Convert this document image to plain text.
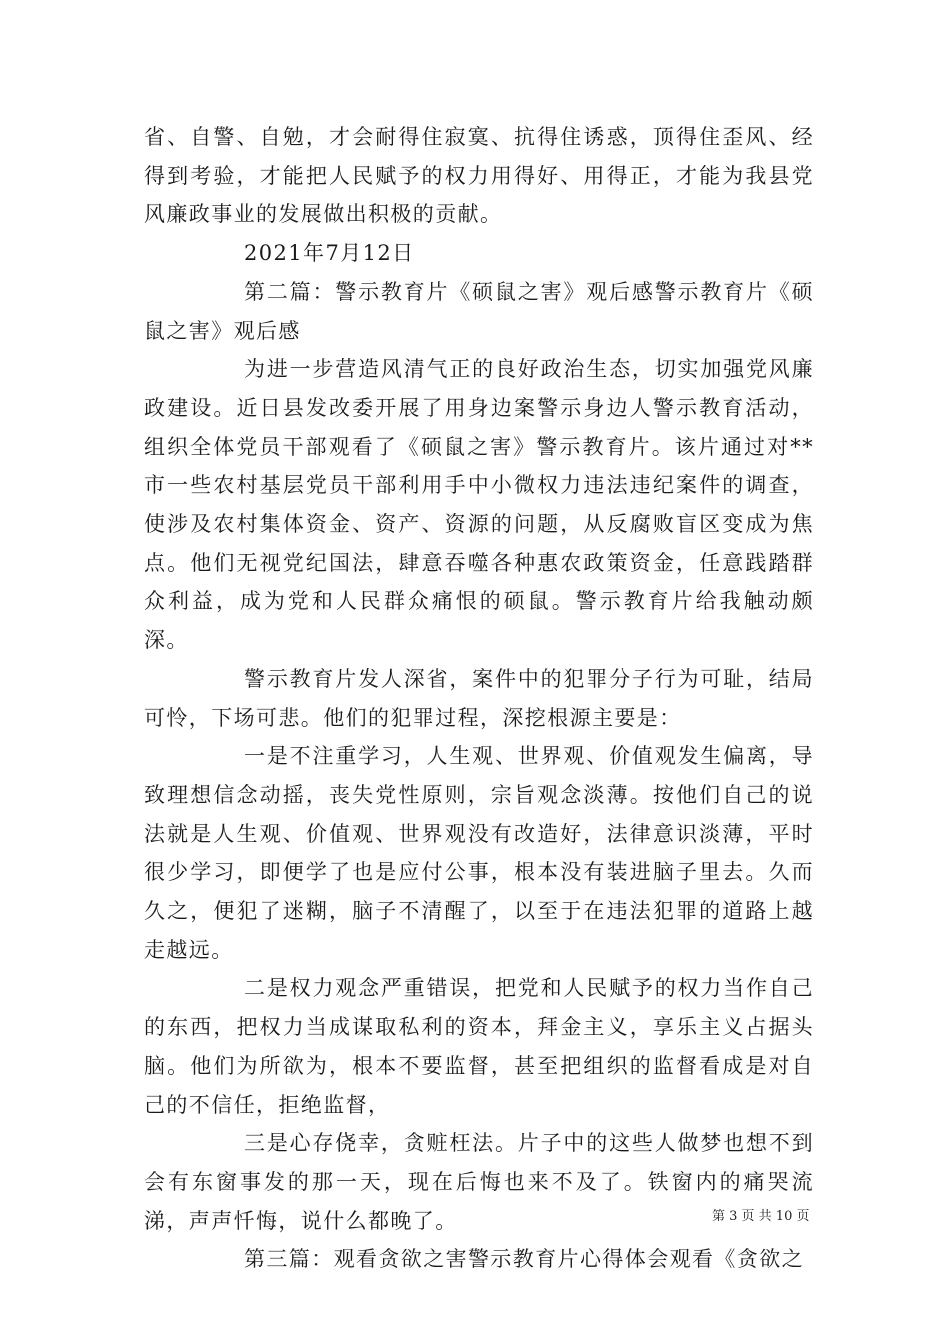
省、自警、自勉，才会耐得住寂寞、抗得住诱惑，顶得住歪风、经得到考验，才能把人民赋予的权力用得好、用得正，才能为我县党风廉政事业的发展做出积极的贡献。

2021年7月12日

第二篇：警示教育片《硕鼠之害》观后感警示教育片《硕鼠之害》观后感

为进一步营造风清气正的良好政治生态，切实加强党风廉政建设。近日县发改委开展了用身边案警示身边人警示教育活动，组织全体党员干部观看了《硕鼠之害》警示教育片。该片通过对**市一些农村基层党员干部利用手中小微权力违法违纪案件的调查，使涉及农村集体资金、资产、资源的问题，从反腐败盲区变成为焦点。他们无视党纪国法，肆意吞噬各种惠农政策资金，任意践踏群众利益，成为党和人民群众痛恨的硕鼠。警示教育片给我触动颇深。

警示教育片发人深省，案件中的犯罪分子行为可耻，结局可怜，下场可悲。他们的犯罪过程，深挖根源主要是：

一是不注重学习，人生观、世界观、价值观发生偏离，导致理想信念动摇，丧失党性原则，宗旨观念淡薄。按他们自己的说法就是人生观、价值观、世界观没有改造好，法律意识淡薄，平时很少学习，即便学了也是应付公事，根本没有装进脑子里去。久而久之，便犯了迷糊，脑子不清醒了，以至于在违法犯罪的道路上越走越远。

二是权力观念严重错误，把党和人民赋予的权力当作自己的东西，把权力当成谋取私利的资本，拜金主义，享乐主义占据头脑。他们为所欲为，根本不要监督，甚至把组织的监督看成是对自己的不信任，拒绝监督，

三是心存侥幸，贪赃枉法。片子中的这些人做梦也想不到会有东窗事发的那一天，现在后悔也来不及了。铁窗内的痛哭流涕，声声忏悔，说什么都晚了。

第三篇：观看贪欲之害警示教育片心得体会观看《贪欲之

第 3 页 共 10 页
